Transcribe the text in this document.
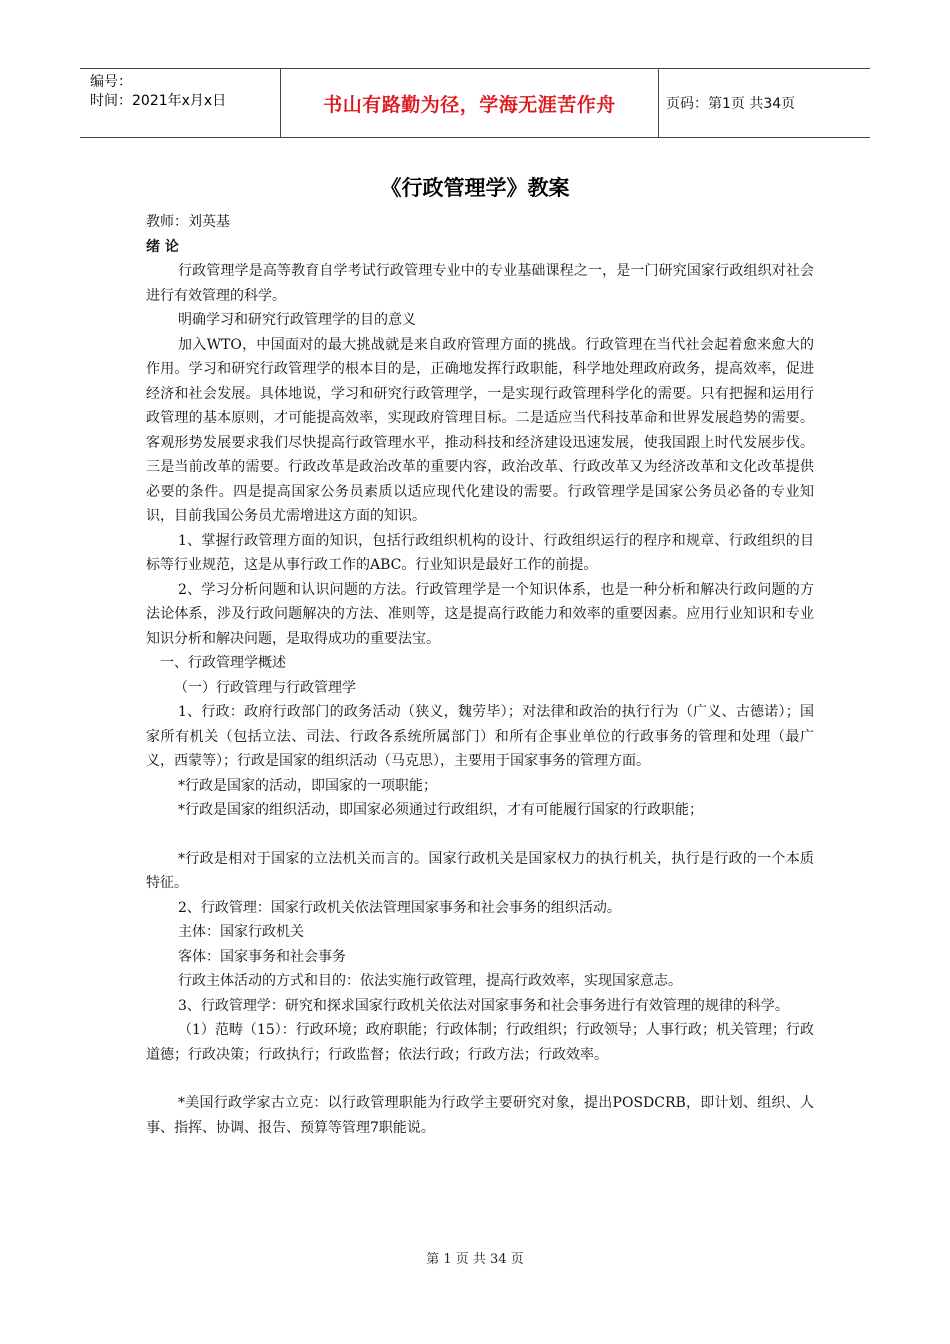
编号：
时间：2021年x月x日	书山有路勤为径，学海无涯苦作舟	页码：第1页 共34页
《行政管理学》教案

教师：刘英基

绪 论

行政管理学是高等教育自学考试行政管理专业中的专业基础课程之一，是一门研究国家行政组织对社会进行有效管理的科学。

明确学习和研究行政管理学的目的意义

加入WTO，中国面对的最大挑战就是来自政府管理方面的挑战。行政管理在当代社会起着愈来愈大的作用。学习和研究行政管理学的根本目的是，正确地发挥行政职能，科学地处理政府政务，提高效率，促进经济和社会发展。具体地说，学习和研究行政管理学，一是实现行政管理科学化的需要。只有把握和运用行政管理的基本原则，才可能提高效率，实现政府管理目标。二是适应当代科技革命和世界发展趋势的需要。客观形势发展要求我们尽快提高行政管理水平，推动科技和经济建设迅速发展，使我国跟上时代发展步伐。三是当前改革的需要。行政改革是政治改革的重要内容，政治改革、行政改革又为经济改革和文化改革提供必要的条件。四是提高国家公务员素质以适应现代化建设的需要。行政管理学是国家公务员必备的专业知识，目前我国公务员尤需增进这方面的知识。

1、掌握行政管理方面的知识，包括行政组织机构的设计、行政组织运行的程序和规章、行政组织的目标等行业规范，这是从事行政工作的ABC。行业知识是最好工作的前提。

2、学习分析问题和认识问题的方法。行政管理学是一个知识体系，也是一种分析和解决行政问题的方法论体系，涉及行政问题解决的方法、准则等，这是提高行政能力和效率的重要因素。应用行业知识和专业知识分析和解决问题，是取得成功的重要法宝。

一、行政管理学概述

（一）行政管理与行政管理学

1、行政：政府行政部门的政务活动（狭义，魏劳毕）；对法律和政治的执行行为（广义、古德诺）；国家所有机关（包括立法、司法、行政各系统所属部门）和所有企事业单位的行政事务的管理和处理（最广义，西蒙等）；行政是国家的组织活动（马克思），主要用于国家事务的管理方面。

*行政是国家的活动，即国家的一项职能；

*行政是国家的组织活动，即国家必须通过行政组织，才有可能履行国家的行政职能；

*行政是相对于国家的立法机关而言的。国家行政机关是国家权力的执行机关，执行是行政的一个本质特征。

2、行政管理：国家行政机关依法管理国家事务和社会事务的组织活动。

主体：国家行政机关

客体：国家事务和社会事务

行政主体活动的方式和目的：依法实施行政管理，提高行政效率，实现国家意志。

3、行政管理学：研究和探求国家行政机关依法对国家事务和社会事务进行有效管理的规律的科学。

（1）范畴（15）：行政环境；政府职能；行政体制；行政组织；行政领导；人事行政；机关管理；行政道德；行政决策；行政执行；行政监督；依法行政；行政方法；行政效率。

*美国行政学家古立克：以行政管理职能为行政学主要研究对象，提出POSDCRB，即计划、组织、人事、指挥、协调、报告、预算等管理7职能说。

第 1 页 共 34 页
